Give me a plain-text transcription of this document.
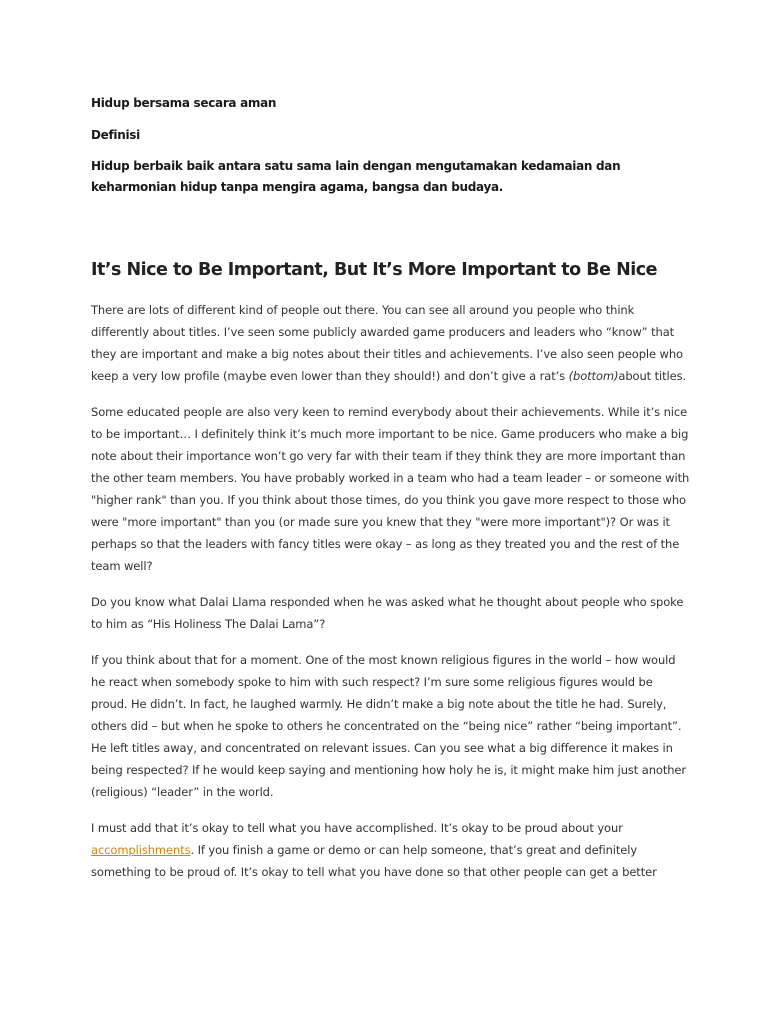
Hidup bersama secara aman

Definisi

Hidup berbaik baik antara satu sama lain dengan mengutamakan kedamaian dan keharmonian hidup tanpa mengira agama, bangsa dan budaya.

It’s Nice to Be Important, But It’s More Important to Be Nice

There are lots of different kind of people out there. You can see all around you people who think differently about titles. I’ve seen some publicly awarded game producers and leaders who “know” that they are important and make a big notes about their titles and achievements. I’ve also seen people who keep a very low profile (maybe even lower than they should!) and don’t give a rat’s (bottom)about titles.

Some educated people are also very keen to remind everybody about their achievements. While it’s nice to be important… I definitely think it’s much more important to be nice. Game producers who make a big note about their importance won’t go very far with their team if they think they are more important than the other team members. You have probably worked in a team who had a team leader – or someone with "higher rank" than you. If you think about those times, do you think you gave more respect to those who were "more important" than you (or made sure you knew that they "were more important")? Or was it perhaps so that the leaders with fancy titles were okay – as long as they treated you and the rest of the team well?

Do you know what Dalai Llama responded when he was asked what he thought about people who spoke to him as “His Holiness The Dalai Lama”?

If you think about that for a moment. One of the most known religious figures in the world – how would he react when somebody spoke to him with such respect? I’m sure some religious figures would be proud. He didn’t. In fact, he laughed warmly. He didn’t make a big note about the title he had. Surely, others did – but when he spoke to others he concentrated on the “being nice” rather “being important”. He left titles away, and concentrated on relevant issues. Can you see what a big difference it makes in being respected? If he would keep saying and mentioning how holy he is, it might make him just another (religious) “leader” in the world.

I must add that it’s okay to tell what you have accomplished. It’s okay to be proud about your accomplishments. If you finish a game or demo or can help someone, that’s great and definitely something to be proud of. It’s okay to tell what you have done so that other people can get a better
